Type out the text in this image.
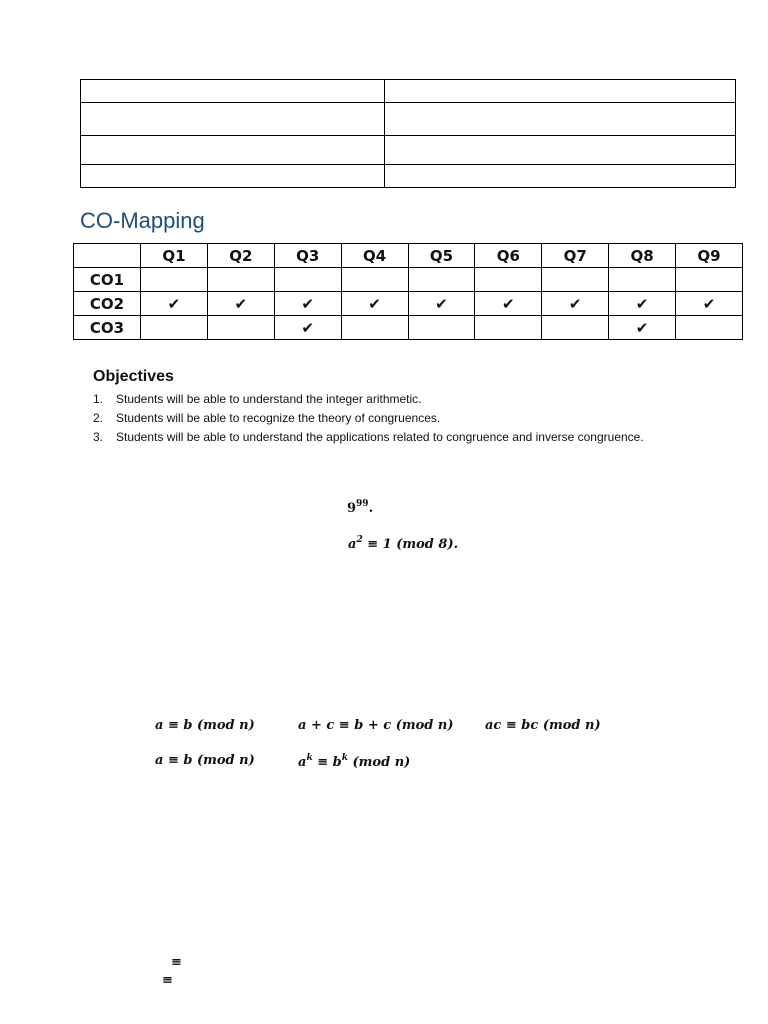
CO-Mapping
	Q1	Q2	Q3	Q4	Q5	Q6	Q7	Q8	Q9
CO1									
CO2	✔	✔	✔	✔	✔	✔	✔	✔	✔
CO3			✔					✔	
Objectives
1.	Students will be able to understand the integer arithmetic.
2.	Students will be able to recognize the theory of congruences.
3.	Students will be able to understand the applications related to congruence and inverse congruence.
$9^{99}$.
$a^2 \equiv 1$ (mod 8).
a ≡ b (mod n)	a + c ≡ b + c (mod n) ac ≡ bc (mod n)
a ≡ b (mod n)	$a^k \equiv b^k$ (mod n)
≡
≡
